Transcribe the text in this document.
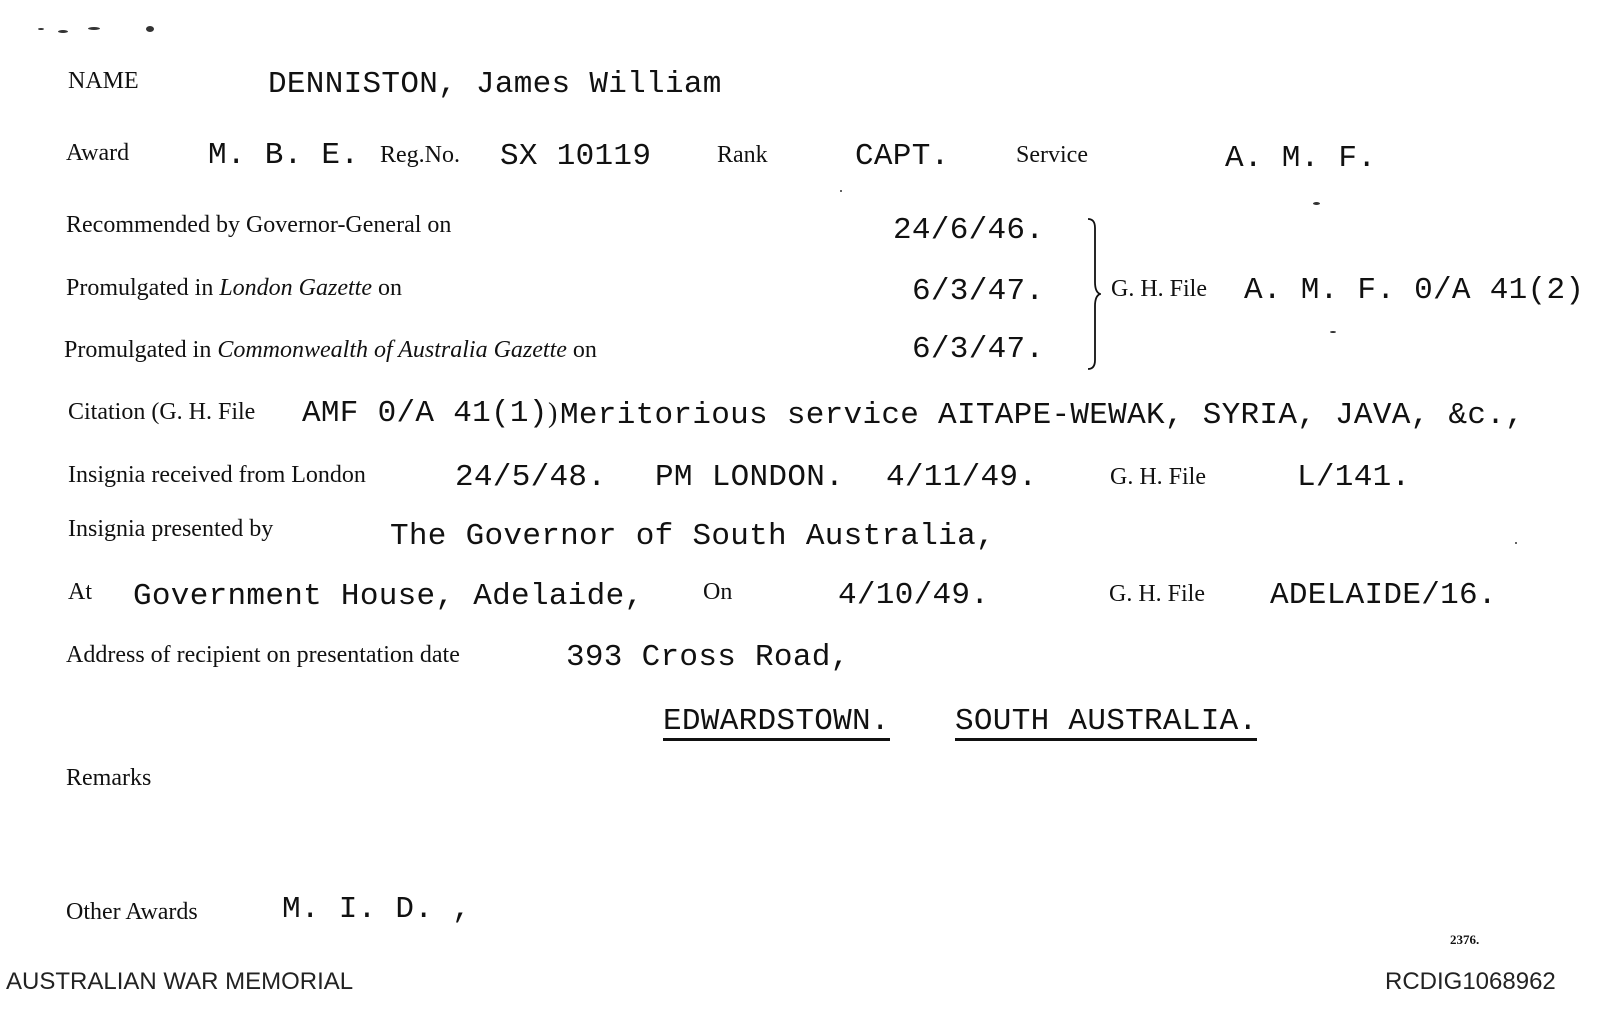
NAME	DENNISTON, James William
Award	M. B. E. Reg.No. SX 10119	Rank	CAPT.	Service	A. M. F.
Recommended by Governor-General on	24/6/46.
Promulgated in London Gazette on	6/3/47.
Promulgated in Commonwealth of Australia Gazette on	6/3/47.
G. H. File A. M. F. 0/A 41(2)
Citation (G. H. File AMF 0/A 41(1) ) Meritorious service AITAPE-WEWAK, SYRIA, JAVA, &c.,
Insignia received from London	24/5/48. PM LONDON. 4/11/49.	G. H. File	L/141.
Insignia presented by	The Governor of South Australia,
At Government House, Adelaide, On	4/10/49.	G. H. File ADELAIDE/16.
Address of recipient on presentation date	393 Cross Road,
EDWARDSTOWN. SOUTH AUSTRALIA.
Remarks
Other Awards	M. I. D. ,
2376.
AUSTRALIAN WAR MEMORIAL	RCDIG1068962
